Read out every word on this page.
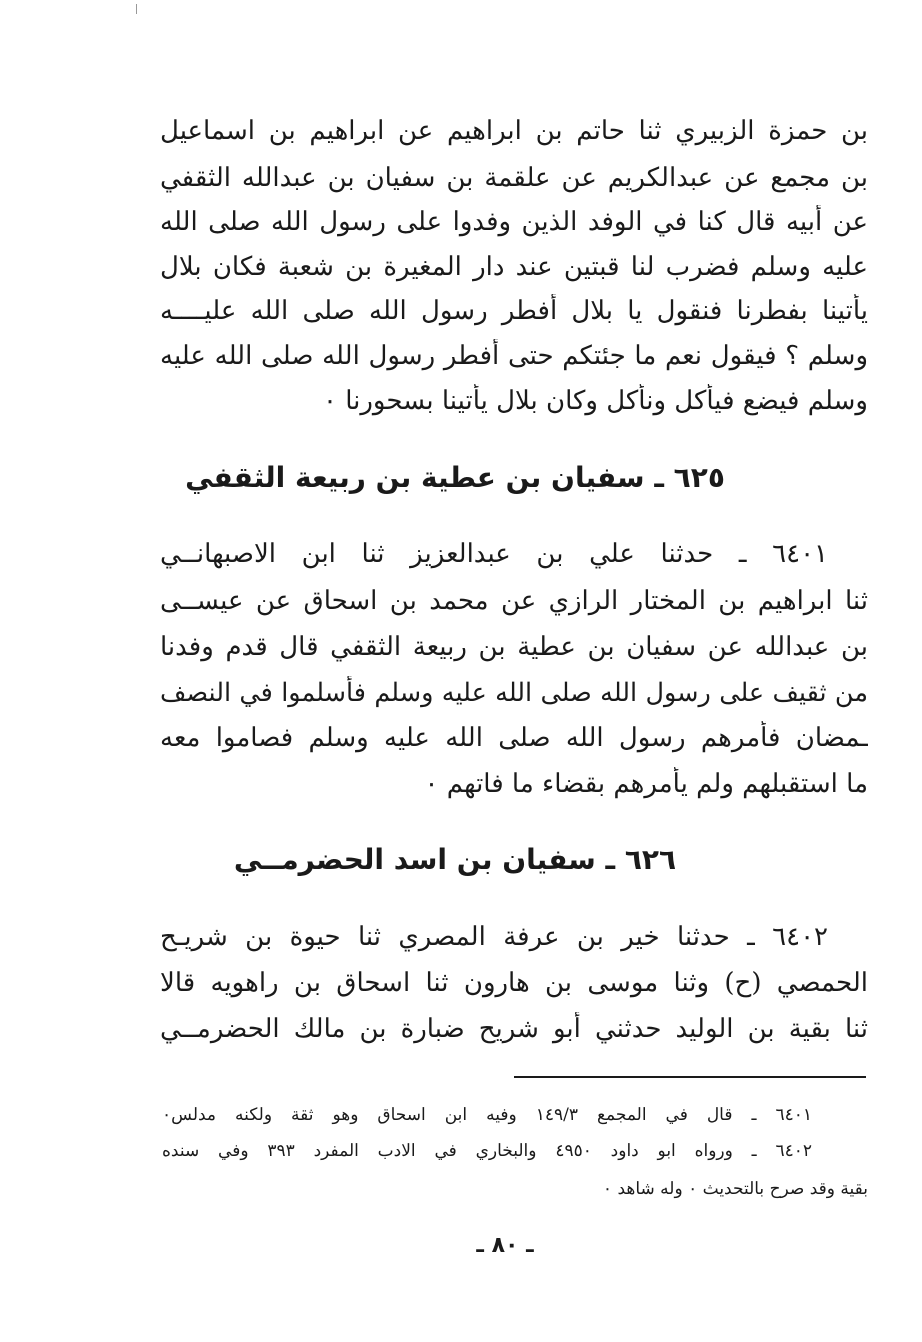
بن حمزة الزبيري ثنا حاتم بن ابراهيم عن ابراهيم بن اسماعيل
بن مجمع عن عبدالكريم عن علقمة بن سفيان بن عبدالله الثقفي
عن أبيه قال كنا في الوفد الذين وفدوا على رسول الله صلى الله
عليه وسلم فضرب لنا قبتين عند دار المغيرة بن شعبة فكان بلال
يأتينا بفطرنا فنقول يا بلال أفطر رسول الله صلى الله عليــــه
وسلم ؟ فيقول نعم ما جئتكم حتى أفطر رسول الله صلى الله عليه
وسلم فيضع فيأكل ونأكل وكان بلال يأتينا بسحورنا ٠
٦٢٥ ـ سفيان بن عطية بن ربيعة الثقفي
٦٤٠١ ـ حدثنا علي بن عبدالعزيز ثنا ابن الاصبهانــي
ثنا ابراهيم بن المختار الرازي عن محمد بن اسحاق عن عيســى
بن عبدالله عن سفيان بن عطية بن ربيعة الثقفي قال قدم وفدنا
من ثقيف على رسول الله صلى الله عليه وسلم فأسلموا في النصف
ـمضان فأمرهم رسول الله صلى الله عليه وسلم فصاموا معه
ما استقبلهم ولم يأمرهم بقضاء ما فاتهم ٠
٦٢٦ ـ سفيان بن اسد الحضرمــي
٦٤٠٢ ـ حدثنا خير بن عرفة المصري ثنا حيوة بن شريـح
الحمصي (ح) وثنا موسى بن هارون ثنا اسحاق بن راهويه قالا
ثنا بقية بن الوليد حدثني أبو شريح ضبارة بن مالك الحضرمــي
٦٤٠١ ـ قال في المجمع ١٤٩/٣ وفيه ابن اسحاق وهو ثقة ولكنه مدلس٠
٦٤٠٢ ـ ورواه ابو داود ٤٩٥٠ والبخاري في الادب المفرد ٣٩٣ وفي سنده
بقية وقد صرح بالتحديث ٠ وله شاهد ٠
ـ ٨٠ ـ
